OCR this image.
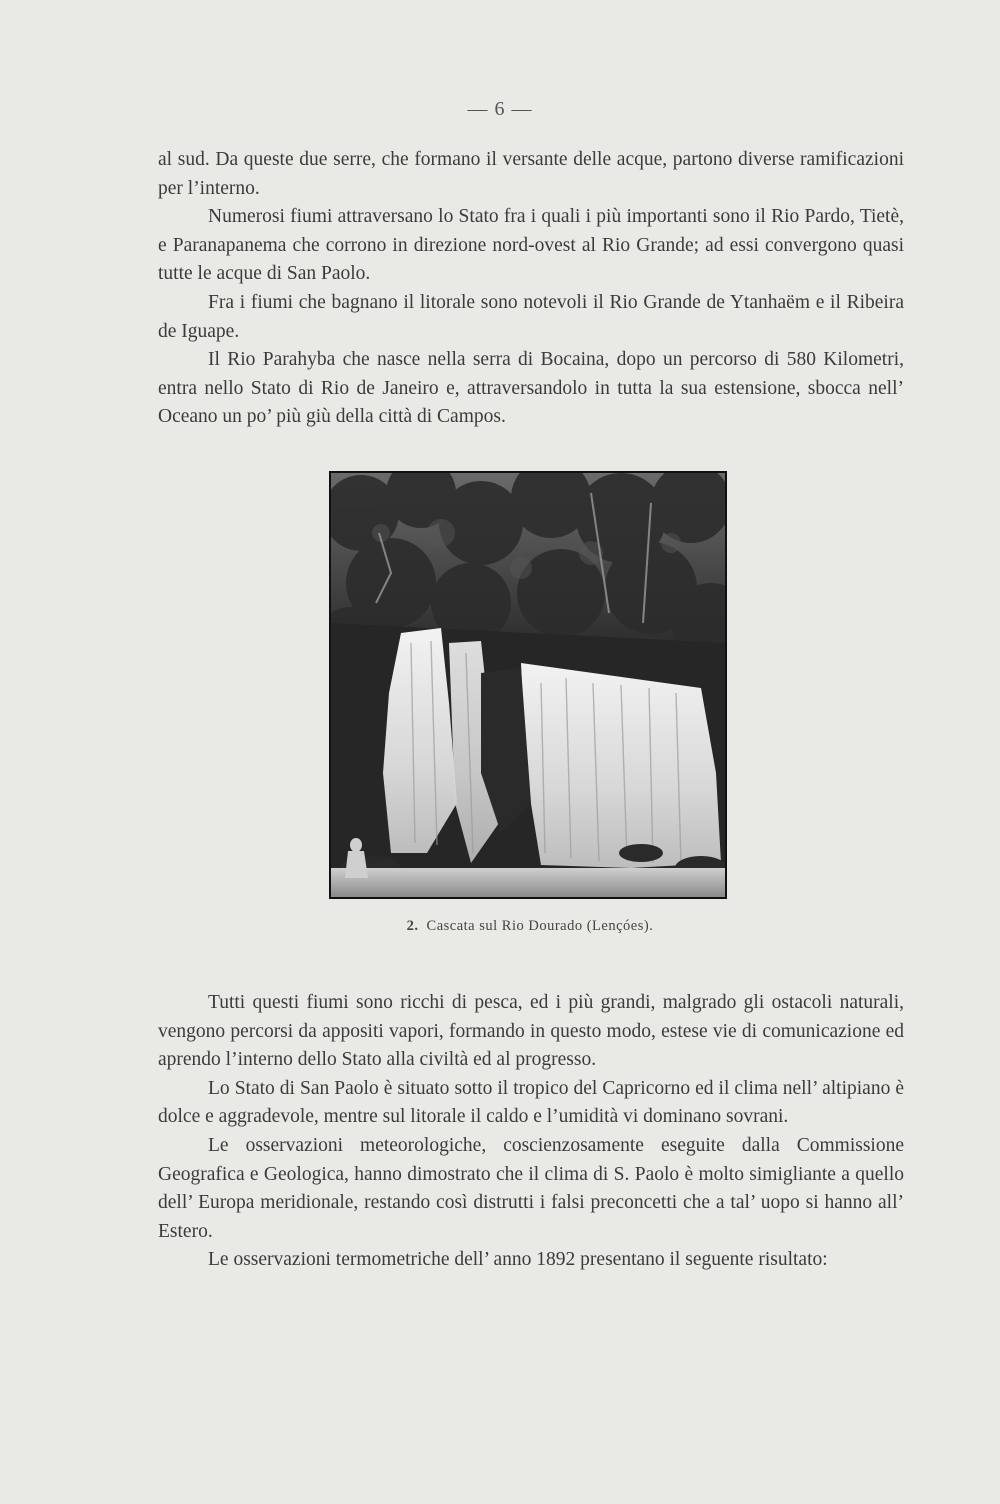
— 6 —

al sud. Da queste due serre, che formano il versante delle acque, partono diverse ramificazioni per l’interno.

Numerosi fiumi attraversano lo Stato fra i quali i più importanti sono il Rio Pardo, Tietè, e Paranapanema che corrono in direzione nord-ovest al Rio Grande; ad essi convergono quasi tutte le acque di San Paolo.

Fra i fiumi che bagnano il litorale sono notevoli il Rio Grande de Ytanhaëm e il Ribeira de Iguape.

Il Rio Parahyba che nasce nella serra di Bocaina, dopo un percorso di 580 Kilometri, entra nello Stato di Rio de Janeiro e, attraversandolo in tutta la sua estensione, sbocca nell’ Oceano un po’ più giù della città di Campos.

2. Cascata sul Rio Dourado (Lençóes).

Tutti questi fiumi sono ricchi di pesca, ed i più grandi, malgrado gli ostacoli naturali, vengono percorsi da appositi vapori, formando in questo modo, estese vie di comunicazione ed aprendo l’interno dello Stato alla civiltà ed al progresso.

Lo Stato di San Paolo è situato sotto il tropico del Capricorno ed il clima nell’ altipiano è dolce e aggradevole, mentre sul litorale il caldo e l’umidità vi dominano sovrani.

Le osservazioni meteorologiche, coscienzosamente eseguite dalla Commissione Geografica e Geologica, hanno dimostrato che il clima di S. Paolo è molto simigliante a quello dell’ Europa meridionale, restando così distrutti i falsi preconcetti che a tal’ uopo si hanno all’ Estero.

Le osservazioni termometriche dell’ anno 1892 presentano il seguente risultato:
